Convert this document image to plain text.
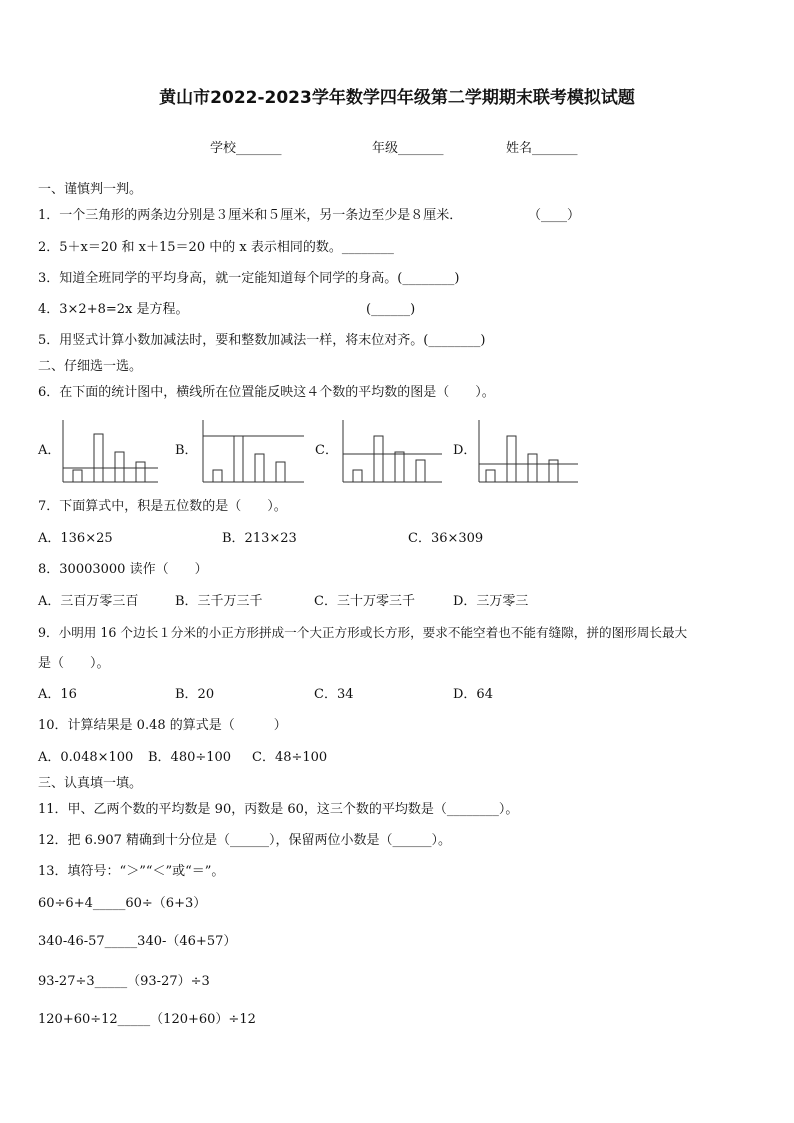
黄山市2022-2023学年数学四年级第二学期期末联考模拟试题
学校_______	年级_______	姓名_______
一、谨慎判一判。
1．一个三角形的两条边分别是３厘米和５厘米，另一条边至少是８厘米．	（____）
2．5＋x＝20 和 x＋15＝20 中的 x 表示相同的数。________
3．知道全班同学的平均身高，就一定能知道每个同学的身高。(________)
4．3×2+8=2x 是方程。	(______)
5．用竖式计算小数加减法时，要和整数加减法一样，将末位对齐。(________)
二、仔细选一选。
6．在下面的统计图中，横线所在位置能反映这４个数的平均数的图是（　　）。
A．	B．	C．	D．
7．下面算式中，积是五位数的是（　　）。
A．136×25	B．213×23	C．36×309
8．30003000 读作（　　）
A．三百万零三百	B．三千万三千	C．三十万零三千	D．三万零三
9．小明用 16 个边长１分米的小正方形拼成一个大正方形或长方形，要求不能空着也不能有缝隙，拼的图形周长最大
是（　　）。
A．16	B．20	C．34	D．64
10．计算结果是 0.48 的算式是（　　　）
A．0.048×100 B．480÷100 C．48÷100
三、认真填一填。
11．甲、乙两个数的平均数是 90，丙数是 60，这三个数的平均数是（________）。
12．把 6.907 精确到十分位是（______），保留两位小数是（______）。
13．填符号：“＞”“＜”或“＝”。
60÷6+4_____60÷（6+3）
340-46-57_____340-（46+57）
93-27÷3_____（93-27）÷3
120+60÷12_____（120+60）÷12
